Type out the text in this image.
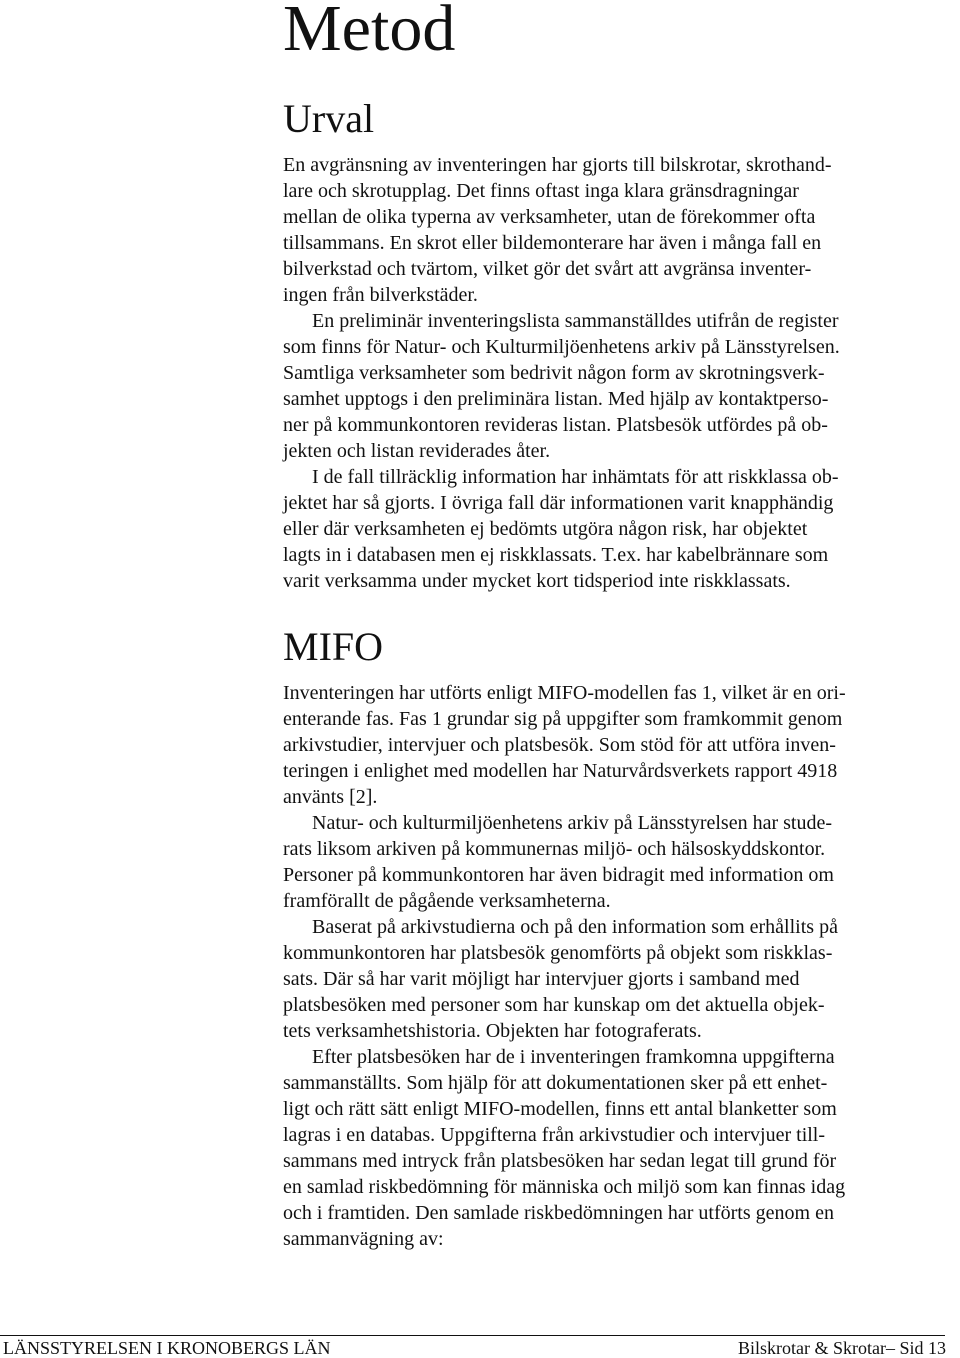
Metod
Urval

En avgränsning av inventeringen har gjorts till bilskrotar, skrothand-

lare och skrotupplag. Det finns oftast inga klara gränsdragningar

mellan de olika typerna av verksamheter, utan de förekommer ofta

tillsammans. En skrot eller bildemonterare har även i många fall en

bilverkstad och tvärtom, vilket gör det svårt att avgränsa inventer-

ingen från bilverkstäder.

En preliminär inventeringslista sammanställdes utifrån de register

som finns för Natur- och Kulturmiljöenhetens arkiv på Länsstyrelsen.

Samtliga verksamheter som bedrivit någon form av skrotningsverk-

samhet upptogs i den preliminära listan. Med hjälp av kontaktperso-

ner på kommunkontoren revideras listan. Platsbesök utfördes på ob-

jekten och listan reviderades åter.

I de fall tillräcklig information har inhämtats för att riskklassa ob-

jektet har så gjorts. I övriga fall där informationen varit knapphändig

eller där verksamheten ej bedömts utgöra någon risk, har objektet

lagts in i databasen men ej riskklassats. T.ex. har kabelbrännare som

varit verksamma under mycket kort tidsperiod inte riskklassats.

MIFO

Inventeringen har utförts enligt MIFO-modellen fas 1, vilket är en ori-

enterande fas. Fas 1 grundar sig på uppgifter som framkommit genom

arkivstudier, intervjuer och platsbesök. Som stöd för att utföra inven-

teringen i enlighet med modellen har Naturvårdsverkets rapport 4918

använts [2].

Natur- och kulturmiljöenhetens arkiv på Länsstyrelsen har stude-

rats liksom arkiven på kommunernas miljö- och hälsoskyddskontor.

Personer på kommunkontoren har även bidragit med information om

framförallt de pågående verksamheterna.

Baserat på arkivstudierna och på den information som erhållits på

kommunkontoren har platsbesök genomförts på objekt som riskklas-

sats. Där så har varit möjligt har intervjuer gjorts i samband med

platsbesöken med personer som har kunskap om det aktuella objek-

tets verksamhetshistoria. Objekten har fotograferats.

Efter platsbesöken har de i inventeringen framkomna uppgifterna

sammanställts. Som hjälp för att dokumentationen sker på ett enhet-

ligt och rätt sätt enligt MIFO-modellen, finns ett antal blanketter som

lagras i en databas. Uppgifterna från arkivstudier och intervjuer till-

sammans med intryck från platsbesöken har sedan legat till grund för

en samlad riskbedömning för människa och miljö som kan finnas idag

och i framtiden. Den samlade riskbedömningen har utförts genom en

sammanvägning av:

LÄNSSTYRELSEN I KRONOBERGS LÄN	Bilskrotar & Skrotar– Sid 13
